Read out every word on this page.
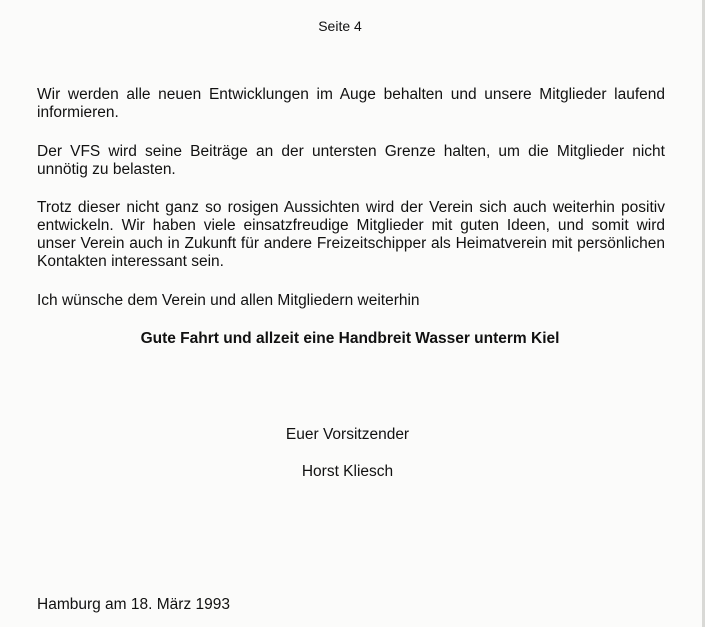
Seite 4

Wir werden alle neuen Entwicklungen im Auge behalten und unsere Mitglieder laufend informieren.

Der VFS wird seine Beiträge an der untersten Grenze halten, um die Mitglieder nicht unnötig zu belasten.

Trotz dieser nicht ganz so rosigen Aussichten wird der Verein sich auch weiterhin positiv entwickeln. Wir haben viele einsatzfreudige Mitglieder mit guten Ideen, und somit wird unser Verein auch in Zukunft für andere Freizeitschipper als Heimatverein mit persönlichen Kontakten interessant sein.

Ich wünsche dem Verein und allen Mitgliedern weiterhin

Gute Fahrt und allzeit eine Handbreit Wasser unterm Kiel
Euer Vorsitzender
Horst Kliesch
Hamburg am 18. März 1993
